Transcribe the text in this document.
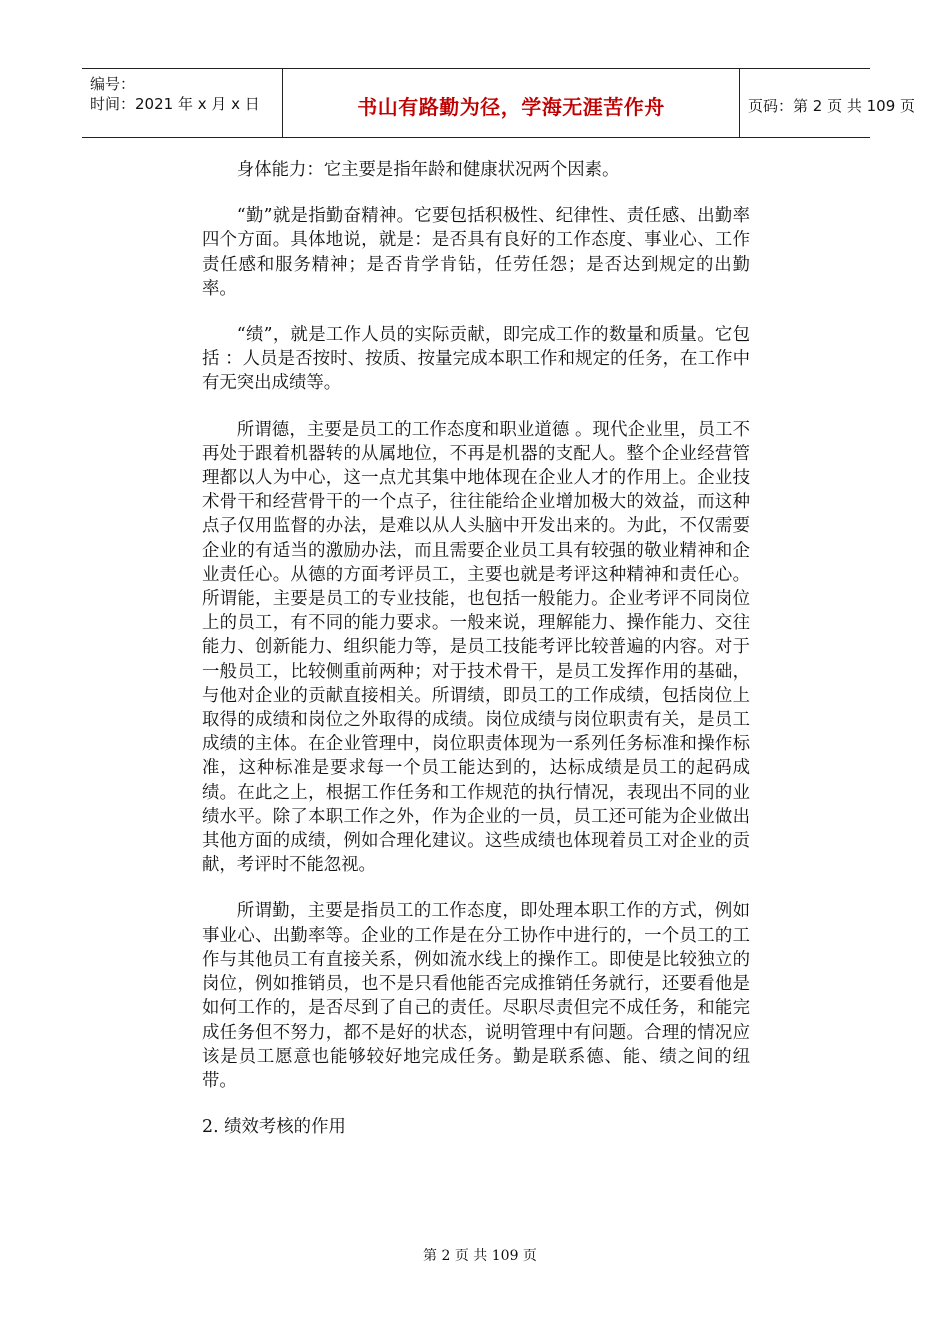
编号：
时间：2021 年 x 月 x 日	书山有路勤为径，学海无涯苦作舟	页码：第 2 页 共 109 页

身体能力：它主要是指年龄和健康状况两个因素。

“勤”就是指勤奋精神。它要包括积极性、纪律性、责任感、出勤率四个方面。具体地说，就是：是否具有良好的工作态度、事业心、工作责任感和服务精神；是否肯学肯钻，任劳任怨；是否达到规定的出勤率。

“绩”，就是工作人员的实际贡献，即完成工作的数量和质量。它包括 ：人员是否按时、按质、按量完成本职工作和规定的任务，在工作中有无突出成绩等。

所谓德，主要是员工的工作态度和职业道德 。现代企业里，员工不再处于跟着机器转的从属地位，不再是机器的支配人。整个企业经营管理都以人为中心，这一点尤其集中地体现在企业人才的作用上。企业技术骨干和经营骨干的一个点子，往往能给企业增加极大的效益，而这种点子仅用监督的办法，是难以从人头脑中开发出来的。为此，不仅需要企业的有适当的激励办法，而且需要企业员工具有较强的敬业精神和企业责任心。从德的方面考评员工，主要也就是考评这种精神和责任心。所谓能，主要是员工的专业技能，也包括一般能力。企业考评不同岗位上的员工，有不同的能力要求。一般来说，理解能力、操作能力、交往能力、创新能力、组织能力等，是员工技能考评比较普遍的内容。对于一般员工，比较侧重前两种；对于技术骨干，是员工发挥作用的基础，与他对企业的贡献直接相关。所谓绩，即员工的工作成绩，包括岗位上取得的成绩和岗位之外取得的成绩。岗位成绩与岗位职责有关，是员工成绩的主体。在企业管理中，岗位职责体现为一系列任务标准和操作标准，这种标准是要求每一个员工能达到的，达标成绩是员工的起码成绩。在此之上，根据工作任务和工作规范的执行情况，表现出不同的业绩水平。除了本职工作之外，作为企业的一员，员工还可能为企业做出其他方面的成绩，例如合理化建议。这些成绩也体现着员工对企业的贡献，考评时不能忽视。

所谓勤，主要是指员工的工作态度，即处理本职工作的方式，例如事业心、出勤率等。企业的工作是在分工协作中进行的，一个员工的工作与其他员工有直接关系，例如流水线上的操作工。即使是比较独立的岗位，例如推销员，也不是只看他能否完成推销任务就行，还要看他是如何工作的，是否尽到了自己的责任。尽职尽责但完不成任务，和能完成任务但不努力，都不是好的状态，说明管理中有问题。合理的情况应该是员工愿意也能够较好地完成任务。勤是联系德、能、绩之间的纽带。

2. 绩效考核的作用

第 2 页 共 109 页
